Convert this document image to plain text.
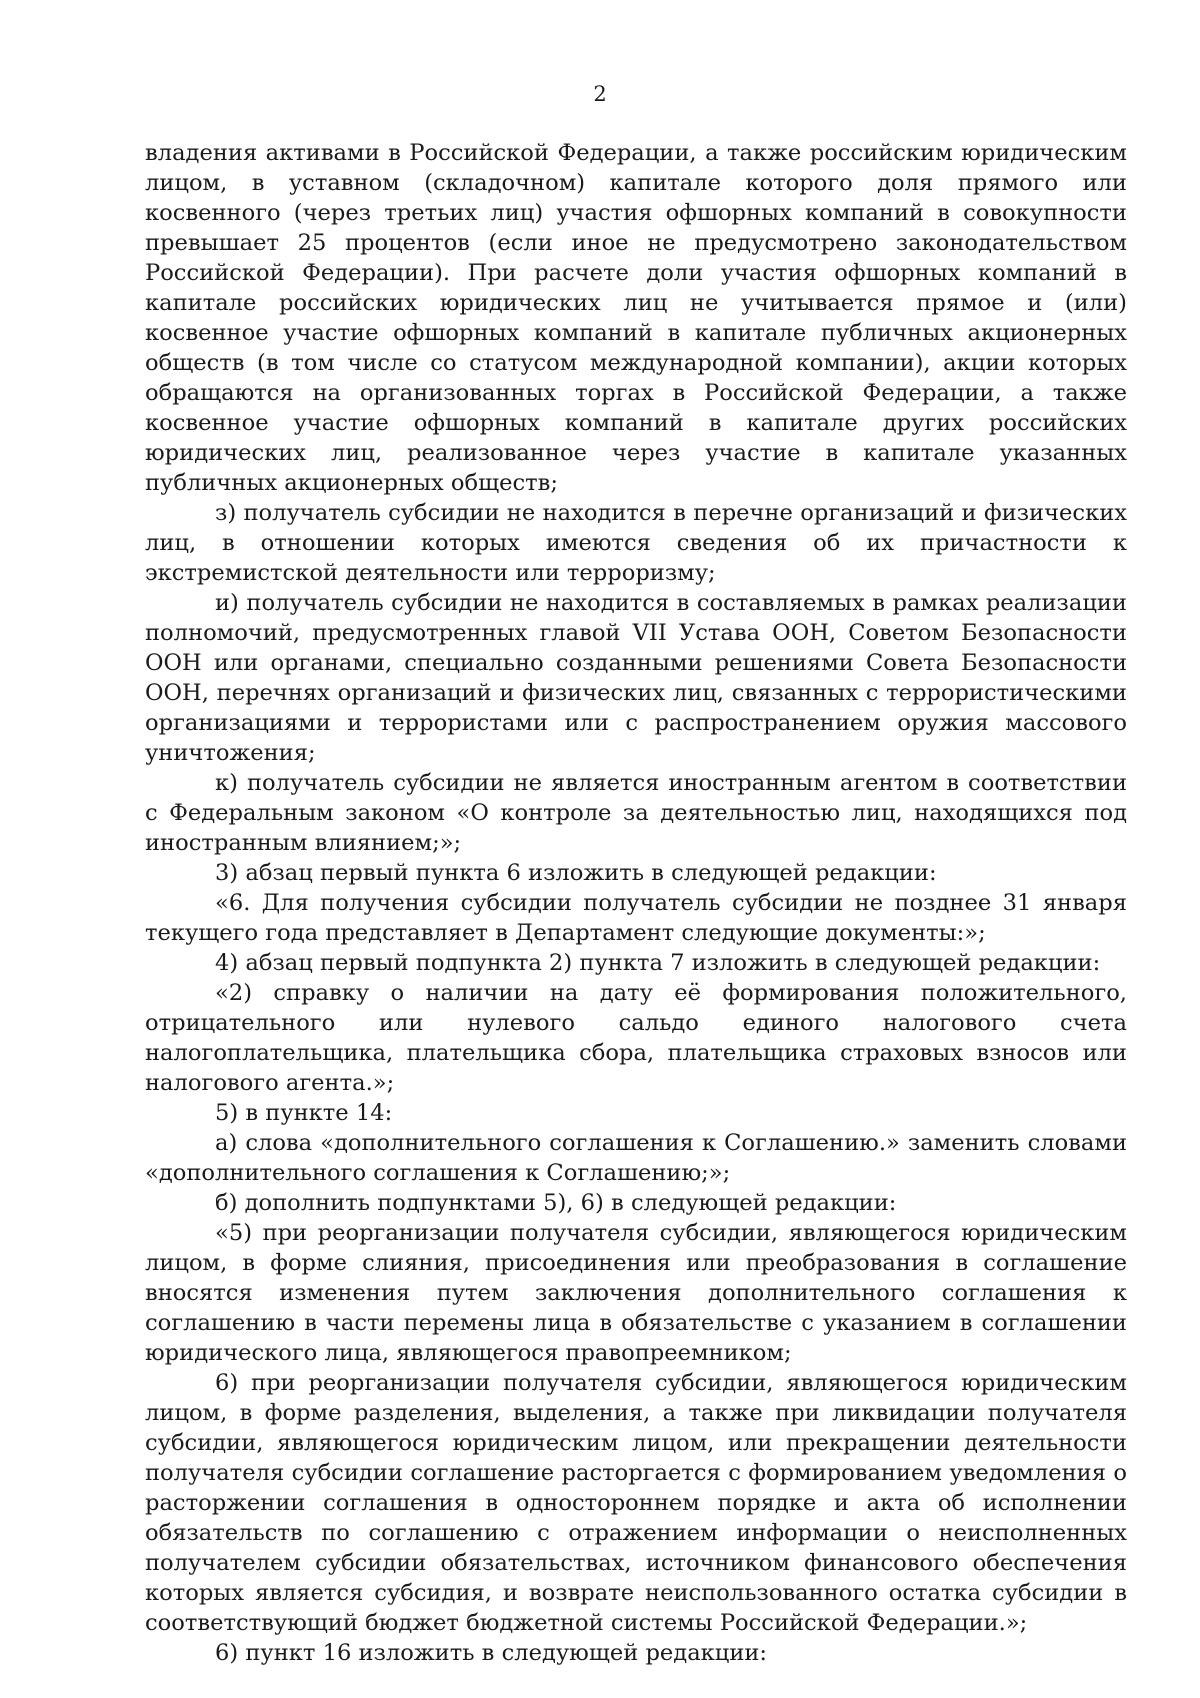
2

владения активами в Российской Федерации, а также российским юридическим лицом, в уставном (складочном) капитале которого доля прямого или косвенного (через третьих лиц) участия офшорных компаний в совокупности превышает 25 процентов (если иное не предусмотрено законодательством Российской Федерации). При расчете доли участия офшорных компаний в капитале российских юридических лиц не учитывается прямое и (или) косвенное участие офшорных компаний в капитале публичных акционерных обществ (в том числе со статусом международной компании), акции которых обращаются на организованных торгах в Российской Федерации, а также косвенное участие офшорных компаний в капитале других российских юридических лиц, реализованное через участие в капитале указанных публичных акционерных обществ;

з) получатель субсидии не находится в перечне организаций и физических лиц, в отношении которых имеются сведения об их причастности к экстремистской деятельности или терроризму;

и) получатель субсидии не находится в составляемых в рамках реализации полномочий, предусмотренных главой VII Устава ООН, Советом Безопасности ООН или органами, специально созданными решениями Совета Безопасности ООН, перечнях организаций и физических лиц, связанных с террористическими организациями и террористами или с распространением оружия массового уничтожения;

к) получатель субсидии не является иностранным агентом в соответствии с Федеральным законом «О контроле за деятельностью лиц, находящихся под иностранным влиянием;»;

3) абзац первый пункта 6 изложить в следующей редакции:

«6. Для получения субсидии получатель субсидии не позднее 31 января текущего года представляет в Департамент следующие документы:»;

4) абзац первый подпункта 2) пункта 7 изложить в следующей редакции:

«2) справку о наличии на дату её формирования положительного, отрицательного или нулевого сальдо единого налогового счета налогоплательщика, плательщика сбора, плательщика страховых взносов или налогового агента.»;

5) в пункте 14:

а) слова «дополнительного соглашения к Соглашению.» заменить словами «дополнительного соглашения к Соглашению;»;

б) дополнить подпунктами 5), 6) в следующей редакции:

«5) при реорганизации получателя субсидии, являющегося юридическим лицом, в форме слияния, присоединения или преобразования в соглашение вносятся изменения путем заключения дополнительного соглашения к соглашению в части перемены лица в обязательстве с указанием в соглашении юридического лица, являющегося правопреемником;

6) при реорганизации получателя субсидии, являющегося юридическим лицом, в форме разделения, выделения, а также при ликвидации получателя субсидии, являющегося юридическим лицом, или прекращении деятельности получателя субсидии соглашение расторгается с формированием уведомления о расторжении соглашения в одностороннем порядке и акта об исполнении обязательств по соглашению с отражением информации о неисполненных получателем субсидии обязательствах, источником финансового обеспечения которых является субсидия, и возврате неиспользованного остатка субсидии в соответствующий бюджет бюджетной системы Российской Федерации.»;

6) пункт 16 изложить в следующей редакции:
